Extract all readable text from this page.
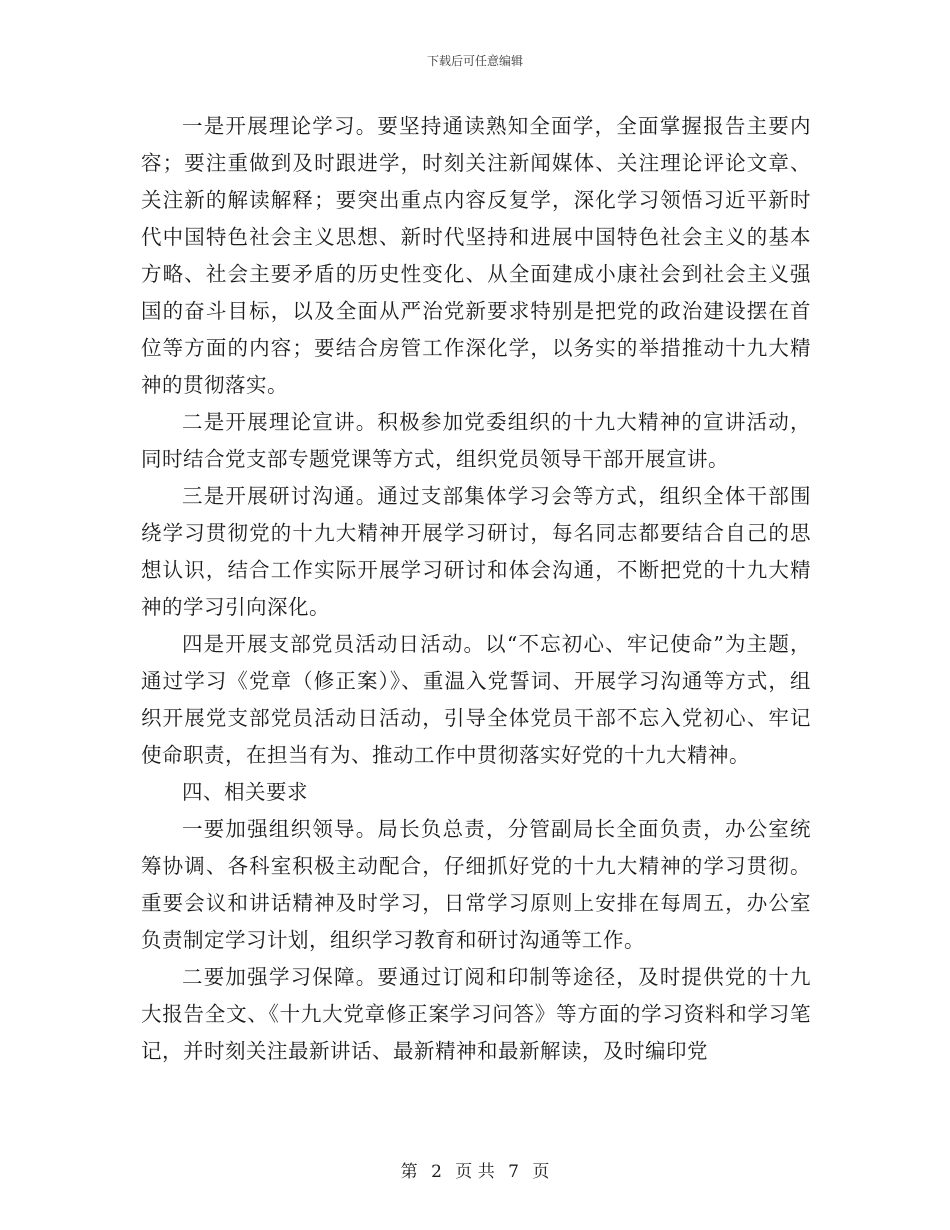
下载后可任意编辑

一是开展理论学习。要坚持通读熟知全面学，全面掌握报告主要内容；要注重做到及时跟进学，时刻关注新闻媒体、关注理论评论文章、关注新的解读解释；要突出重点内容反复学，深化学习领悟习近平新时代中国特色社会主义思想、新时代坚持和进展中国特色社会主义的基本方略、社会主要矛盾的历史性变化、从全面建成小康社会到社会主义强国的奋斗目标，以及全面从严治党新要求特别是把党的政治建设摆在首位等方面的内容；要结合房管工作深化学，以务实的举措推动十九大精神的贯彻落实。

二是开展理论宣讲。积极参加党委组织的十九大精神的宣讲活动，同时结合党支部专题党课等方式，组织党员领导干部开展宣讲。

三是开展研讨沟通。通过支部集体学习会等方式，组织全体干部围绕学习贯彻党的十九大精神开展学习研讨，每名同志都要结合自己的思想认识，结合工作实际开展学习研讨和体会沟通，不断把党的十九大精神的学习引向深化。

四是开展支部党员活动日活动。以“不忘初心、牢记使命”为主题，通过学习《党章（修正案）》、重温入党誓词、开展学习沟通等方式，组织开展党支部党员活动日活动，引导全体党员干部不忘入党初心、牢记使命职责，在担当有为、推动工作中贯彻落实好党的十九大精神。

四、相关要求

一要加强组织领导。局长负总责，分管副局长全面负责，办公室统筹协调、各科室积极主动配合，仔细抓好党的十九大精神的学习贯彻。重要会议和讲话精神及时学习，日常学习原则上安排在每周五，办公室负责制定学习计划，组织学习教育和研讨沟通等工作。

二要加强学习保障。要通过订阅和印制等途径，及时提供党的十九大报告全文、《十九大党章修正案学习问答》等方面的学习资料和学习笔记，并时刻关注最新讲话、最新精神和最新解读，及时编印党

第 2 页 共 7 页
